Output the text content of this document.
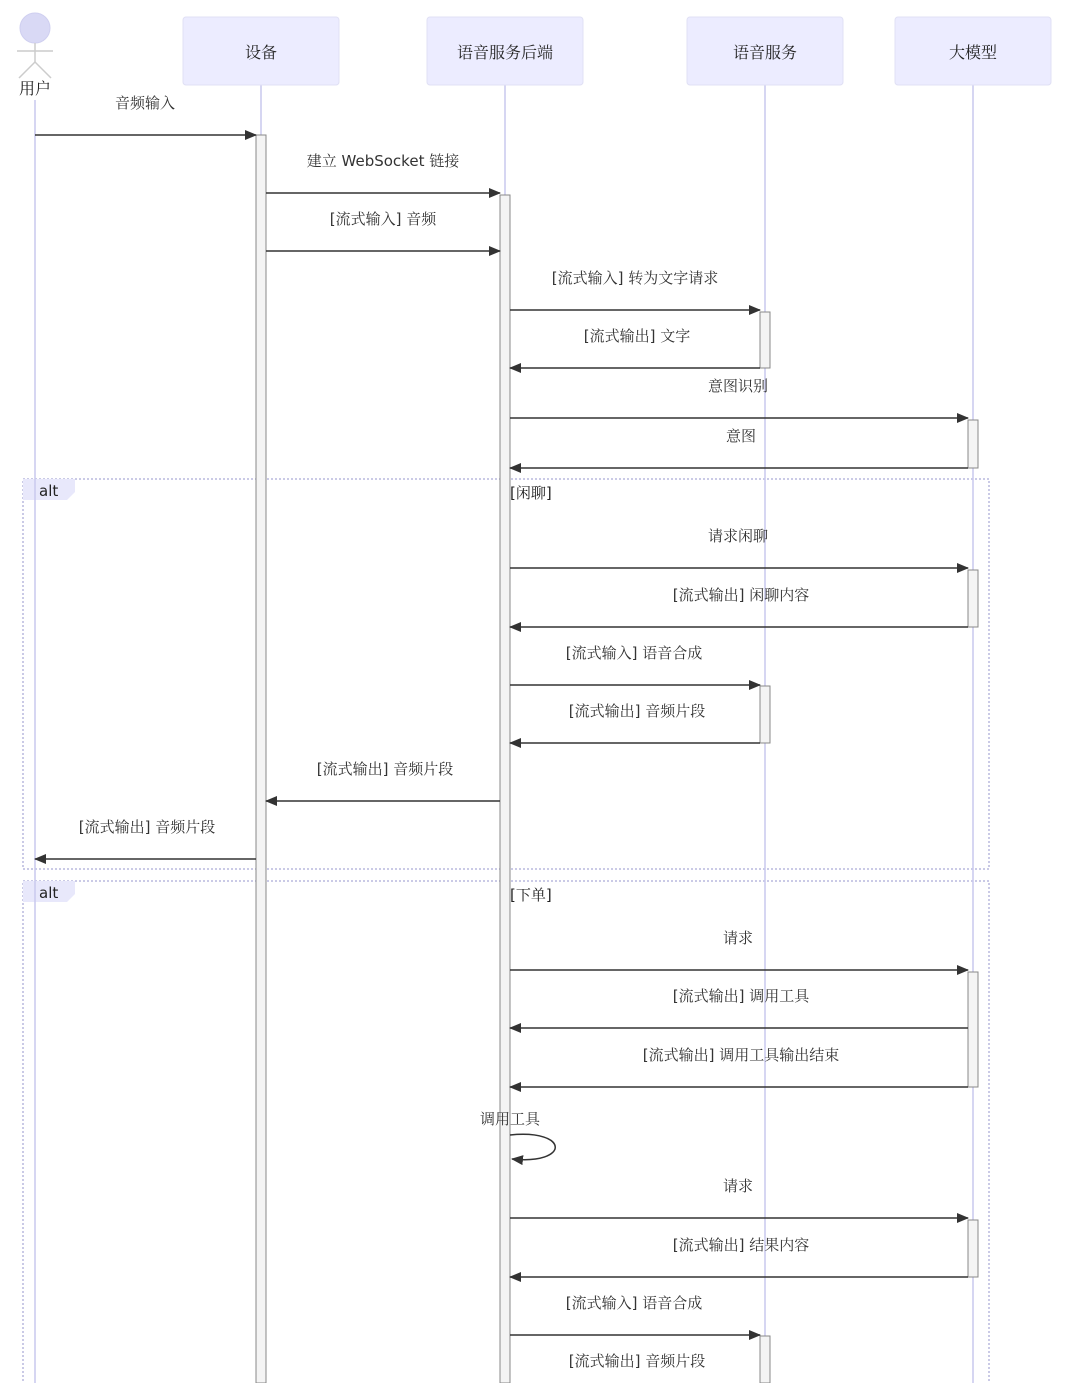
alt	[闲聊]
alt	[下单]
用户
设备	语音服务后端	语音服务	大模型
音频输入
建立 WebSocket 链接
[流式输入] 音频
[流式输入] 转为文字请求
[流式输出] 文字
意图识别
意图
请求闲聊
[流式输出] 闲聊内容
[流式输入] 语音合成
[流式输出] 音频片段
[流式输出] 音频片段
[流式输出] 音频片段
请求
[流式输出] 调用工具
[流式输出] 调用工具输出结束
请求
[流式输出] 结果内容
[流式输入] 语音合成
[流式输出] 音频片段
调用工具
